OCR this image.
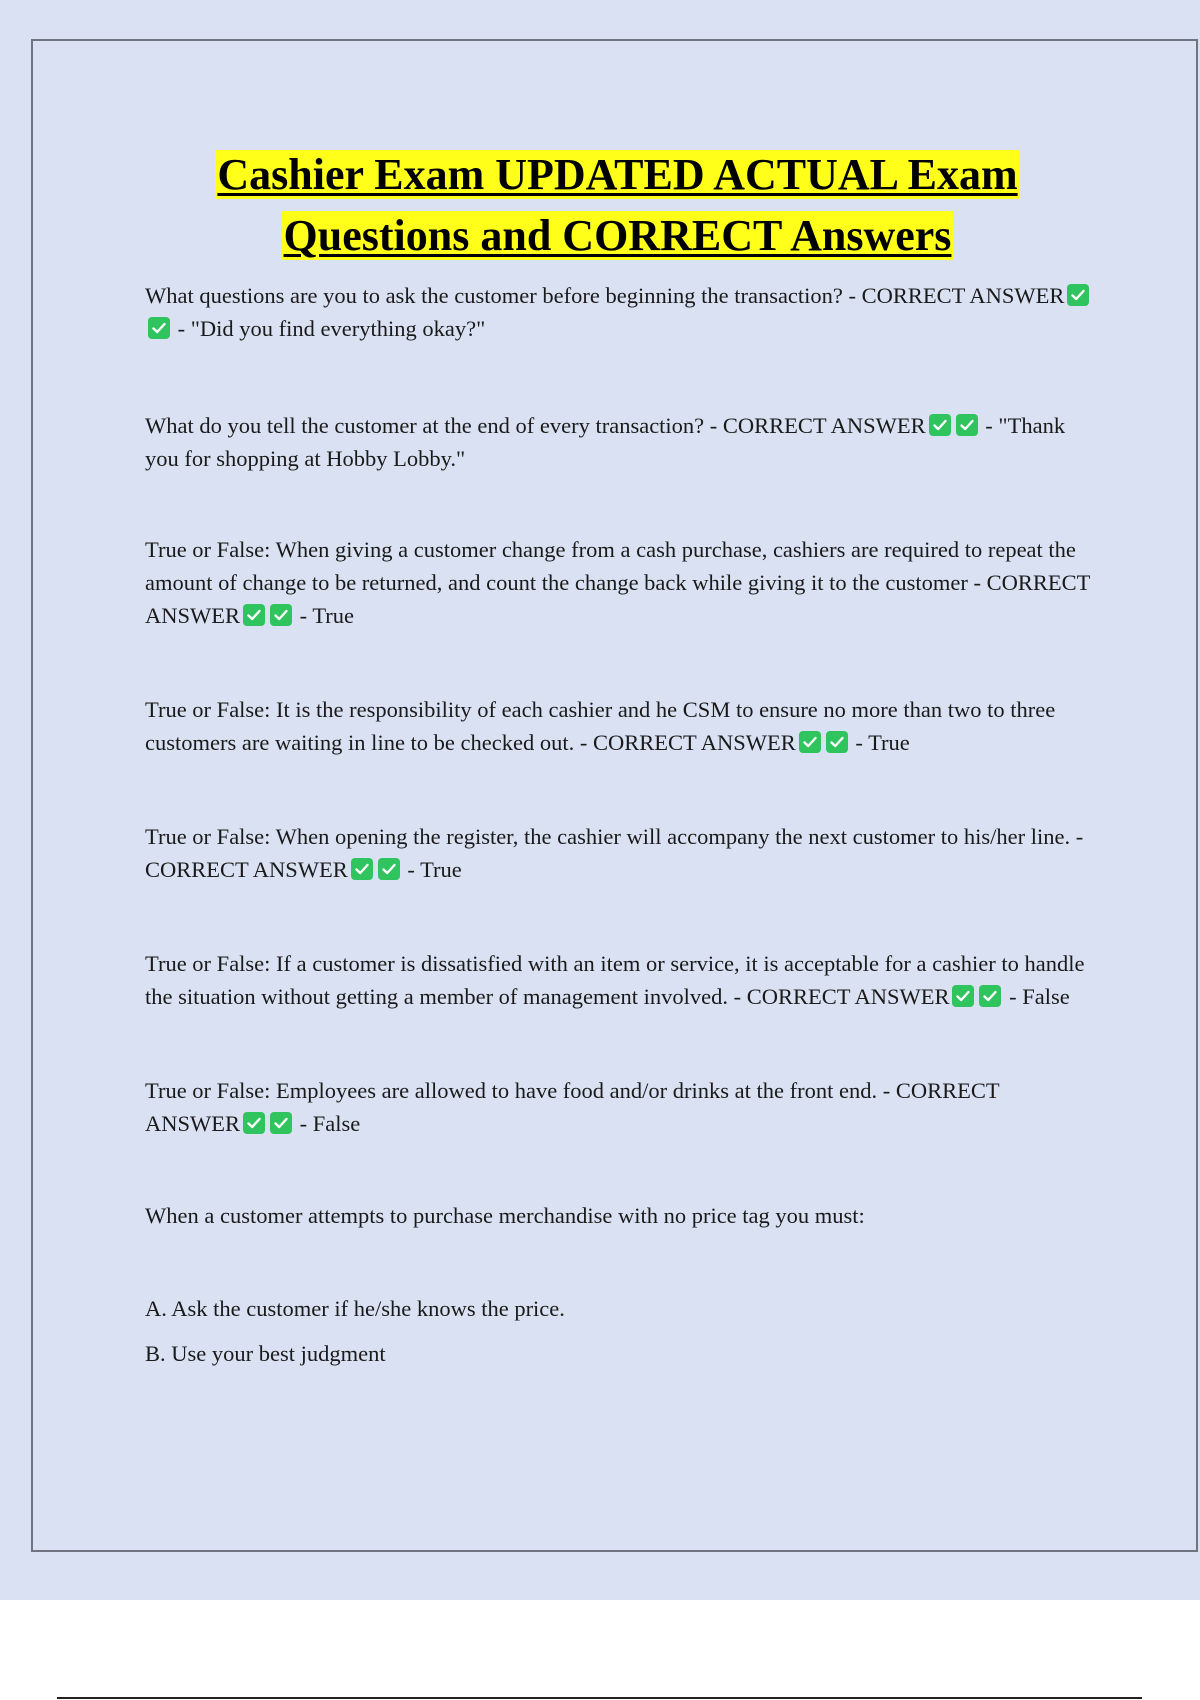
Cashier Exam UPDATED ACTUAL Exam
Questions and CORRECT Answers

What questions are you to ask the customer before beginning the transaction? - CORRECT ANSWER
- "Did you find everything okay?"

What do you tell the customer at the end of every transaction? - CORRECT ANSWER	- "Thank you for shopping at Hobby Lobby."

True or False: When giving a customer change from a cash purchase, cashiers are required to repeat the amount of change to be returned, and count the change back while giving it to the customer - CORRECT ANSWER	- True

True or False: It is the responsibility of each cashier and he CSM to ensure no more than two to three customers are waiting in line to be checked out. - CORRECT ANSWER	- True

True or False: When opening the register, the cashier will accompany the next customer to his/her line. - CORRECT ANSWER	- True

True or False: If a customer is dissatisfied with an item or service, it is acceptable for a cashier to handle the situation without getting a member of management involved. - CORRECT ANSWER	- False

True or False: Employees are allowed to have food and/or drinks at the front end. - CORRECT ANSWER	- False

When a customer attempts to purchase merchandise with no price tag you must:

A. Ask the customer if he/she knows the price.

B. Use your best judgment
